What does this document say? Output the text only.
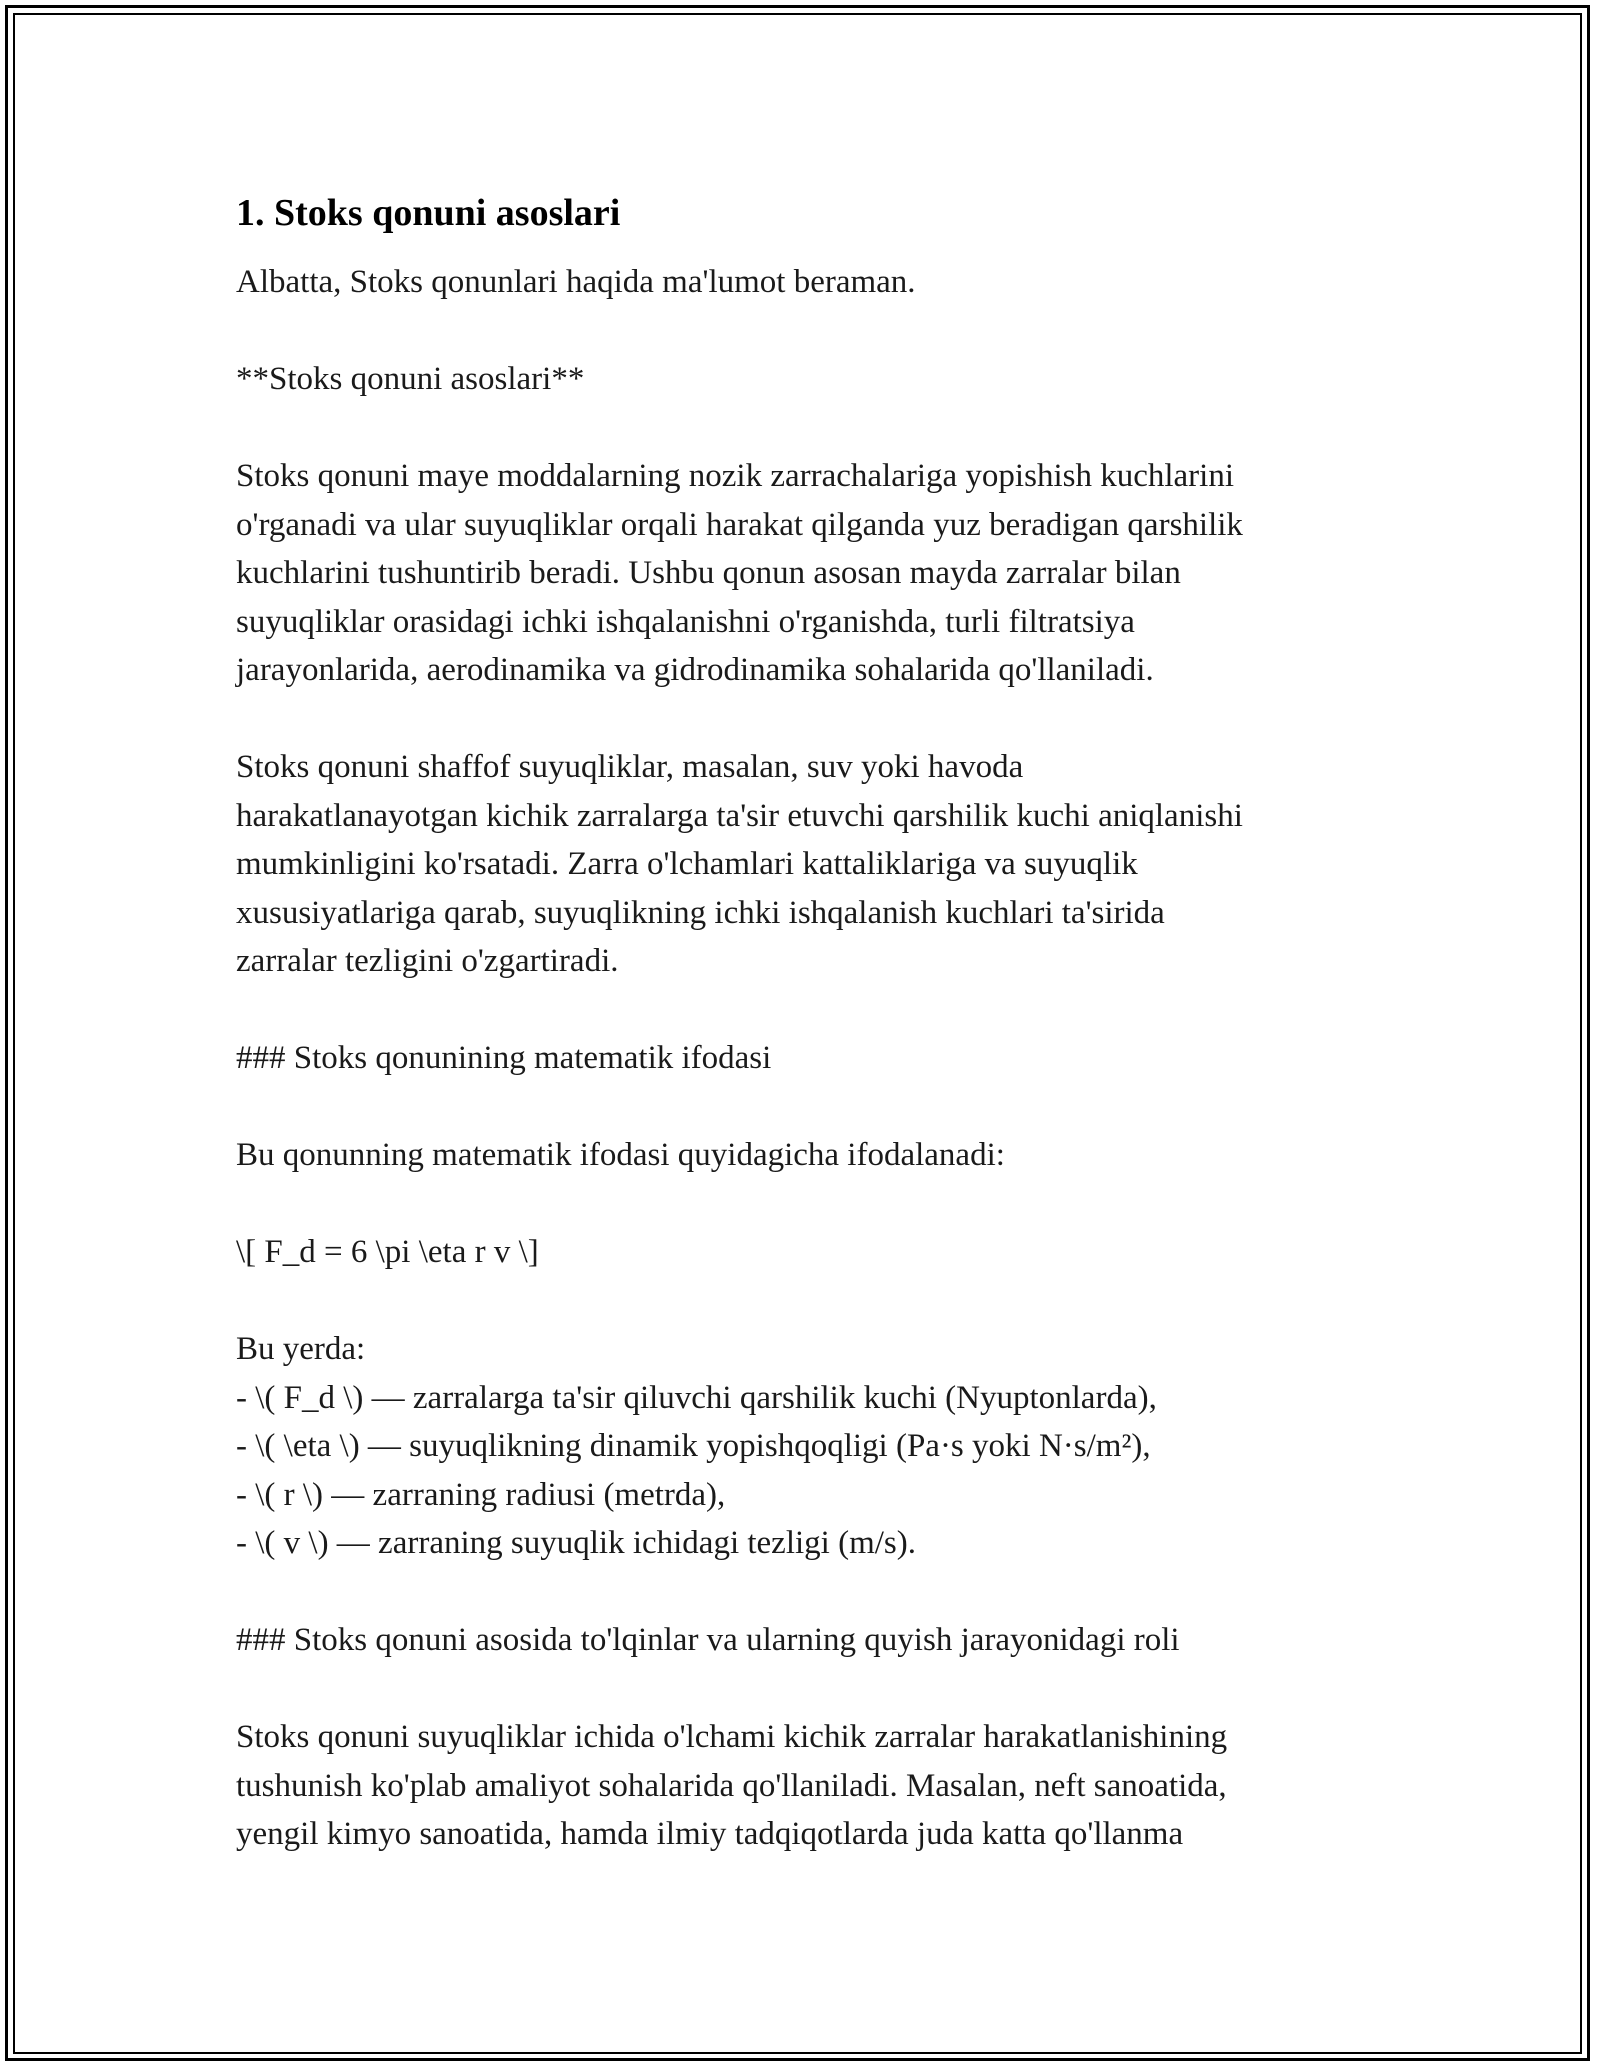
1. Stoks qonuni asoslari
Albatta, Stoks qonunlari haqida ma'lumot beraman.
**Stoks qonuni asoslari**
Stoks qonuni maye moddalarning nozik zarrachalariga yopishish kuchlarini
o'rganadi va ular suyuqliklar orqali harakat qilganda yuz beradigan qarshilik
kuchlarini tushuntirib beradi. Ushbu qonun asosan mayda zarralar bilan
suyuqliklar orasidagi ichki ishqalanishni o'rganishda, turli filtratsiya
jarayonlarida, aerodinamika va gidrodinamika sohalarida qo'llaniladi.
Stoks qonuni shaffof suyuqliklar, masalan, suv yoki havoda
harakatlanayotgan kichik zarralarga ta'sir etuvchi qarshilik kuchi aniqlanishi
mumkinligini ko'rsatadi. Zarra o'lchamlari kattaliklariga va suyuqlik
xususiyatlariga qarab, suyuqlikning ichki ishqalanish kuchlari ta'sirida
zarralar tezligini o'zgartiradi.
### Stoks qonunining matematik ifodasi
Bu qonunning matematik ifodasi quyidagicha ifodalanadi:
\[ F_d = 6 \pi \eta r v \]
Bu yerda:
- \( F_d \) — zarralarga ta'sir qiluvchi qarshilik kuchi (Nyuptonlarda),
- \( \eta \) — suyuqlikning dinamik yopishqoqligi (Pa·s yoki N·s/m²),
- \( r \) — zarraning radiusi (metrda),
- \( v \) — zarraning suyuqlik ichidagi tezligi (m/s).
### Stoks qonuni asosida to'lqinlar va ularning quyish jarayonidagi roli
Stoks qonuni suyuqliklar ichida o'lchami kichik zarralar harakatlanishining
tushunish ko'plab amaliyot sohalarida qo'llaniladi. Masalan, neft sanoatida,
yengil kimyo sanoatida, hamda ilmiy tadqiqotlarda juda katta qo'llanma
